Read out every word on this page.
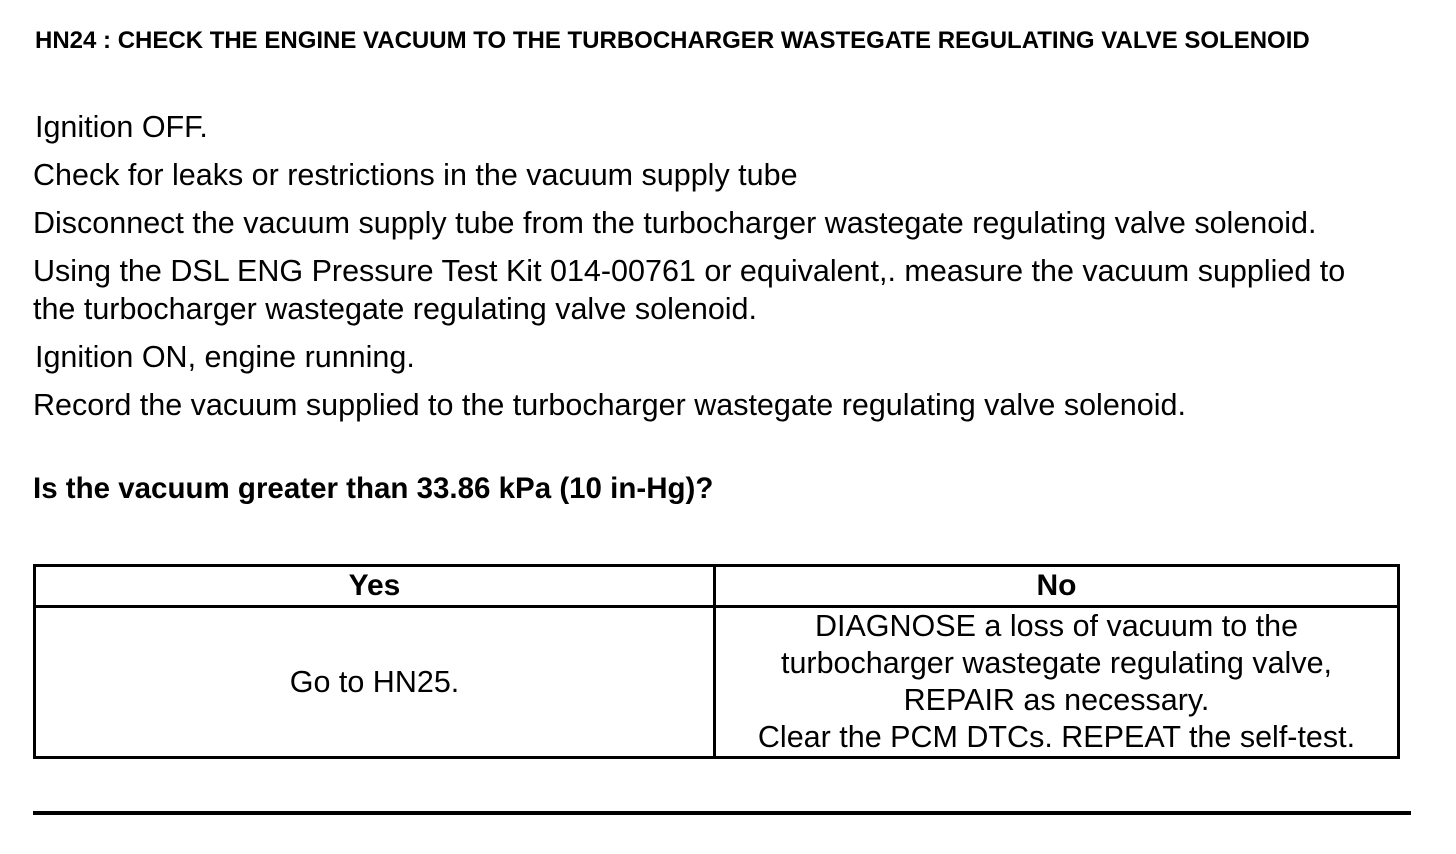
HN24 : CHECK THE ENGINE VACUUM TO THE TURBOCHARGER WASTEGATE REGULATING VALVE SOLENOID
Ignition OFF.
Check for leaks or restrictions in the vacuum supply tube
Disconnect the vacuum supply tube from the turbocharger wastegate regulating valve solenoid.
Using the DSL ENG Pressure Test Kit 014-00761 or equivalent,. measure the vacuum supplied to the turbocharger wastegate regulating valve solenoid.
Ignition ON, engine running.
Record the vacuum supplied to the turbocharger wastegate regulating valve solenoid.
Is the vacuum greater than 33.86 kPa (10 in-Hg)?
Yes	No
Go to HN25.	DIAGNOSE a loss of vacuum to the
turbocharger wastegate regulating valve,
REPAIR as necessary.
Clear the PCM DTCs. REPEAT the self-test.
